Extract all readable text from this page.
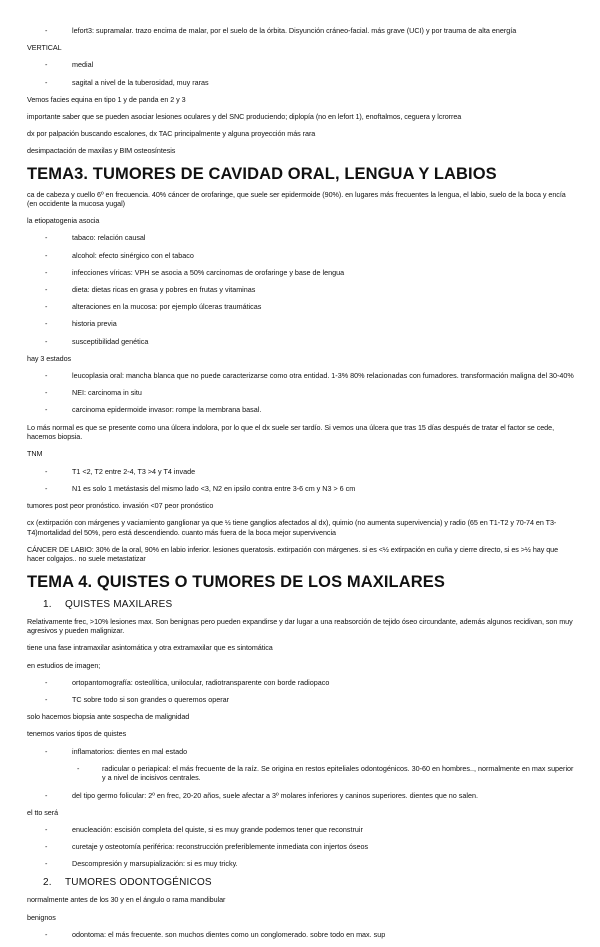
-	lefort3: supramalar. trazo encima de malar, por el suelo de la órbita. Disyunción cráneo-facial. más grave (UCI) y por trauma de alta energía

VERTICAL

-	medial
-	sagital a nivel de la tuberosidad, muy raras

Vemos facies equina en tipo 1 y de panda en 2 y 3

importante saber que se pueden asociar lesiones oculares y del SNC produciendo; diplopía (no en lefort 1), enoftalmos, ceguera y lcrorrea

dx por palpación buscando escalones, dx TAC principalmente y alguna proyección más rara

desimpactación de maxilas y BIM osteosíntesis

TEMA3. TUMORES DE CAVIDAD ORAL, LENGUA Y LABIOS

ca de cabeza y cuello 6º en frecuencia. 40% cáncer de orofaringe, que suele ser epidermoide (90%). en lugares más frecuentes la lengua, el labio, suelo de la boca y encía (en occidente la mucosa yugal)

la etiopatogenia asocia

-	tabaco: relación causal
-	alcohol: efecto sinérgico con el tabaco
-	infecciones víricas: VPH se asocia a 50% carcinomas de orofaringe y base de lengua
-	dieta: dietas ricas en grasa y pobres en frutas y vitaminas
-	alteraciones en la mucosa: por ejemplo úlceras traumáticas
-	historia previa
-	susceptibilidad genética

hay 3 estados

-	leucoplasia oral: mancha blanca que no puede caracterizarse como otra entidad. 1-3% 80% relacionadas con fumadores. transformación maligna del 30-40%
-	NEI: carcinoma in situ
-	carcinoma epidermoide invasor: rompe la membrana basal.

Lo más normal es que se presente como una úlcera indolora, por lo que el dx suele ser tardío. Si vemos una úlcera que tras 15 días después de tratar el factor se cede, hacemos biopsia.

TNM

-	T1 <2, T2 entre 2-4, T3 >4 y T4 invade
-	N1 es solo 1 metástasis del mismo lado <3, N2 en ipsilo contra entre 3-6 cm y N3 > 6 cm

tumores post peor pronóstico. invasión <07 peor pronóstico

cx (extirpación con márgenes y vaciamiento ganglionar ya que ½ tiene ganglios afectados al dx), quimio (no aumenta supervivencia) y radio (65 en T1-T2 y 70-74 en T3-T4)mortalidad del 50%, pero está descendiendo. cuanto más fuera de la boca mejor supervivencia

CÁNCER DE LABIO: 30% de la oral, 90% en labio inferior. lesiones queratosis. extirpación con márgenes. si es <½ extirpación en cuña y cierre directo, si es >½ hay que hacer colgajos.. no suele metastatizar

TEMA 4. QUISTES O TUMORES DE LOS MAXILARES
1. QUISTES MAXILARES

Relativamente frec, >10% lesiones max. Son benignas pero pueden expandirse y dar lugar a una reabsorción de tejido óseo circundante, además algunos recidivan, son muy agresivos y pueden malignizar.

tiene una fase intramaxilar asintomática y otra extramaxilar que es sintomática

en estudios de imagen;

-	ortopantomografía: osteolítica, unilocular, radiotransparente con borde radiopaco
-	TC sobre todo si son grandes o queremos operar

solo hacemos biopsia ante sospecha de malignidad

tenemos varios tipos de quistes

-	inflamatorios: dientes en mal estado
-	radicular o periapical: el más frecuente de la raíz. Se origina en restos epiteliales odontogénicos. 30-60 en hombres.., normalmente en max superior y a nivel de incisivos centrales.
-	del tipo germo folicular: 2º en frec, 20-20 años, suele afectar a 3º molares inferiores y caninos superiores. dientes que no salen.

el tto será

-	enucleación: escisión completa del quiste, si es muy grande podemos tener que reconstruir
-	curetaje y osteotomía periférica: reconstrucción preferiblemente inmediata con injertos óseos
-	Descompresión y marsupialización: si es muy tricky.
2. TUMORES ODONTOGÉNICOS

normalmente antes de los 30 y en el ángulo o rama mandibular

benignos

-	odontoma: el más frecuente. son muchos dientes como un conglomerado. sobre todo en max. sup
